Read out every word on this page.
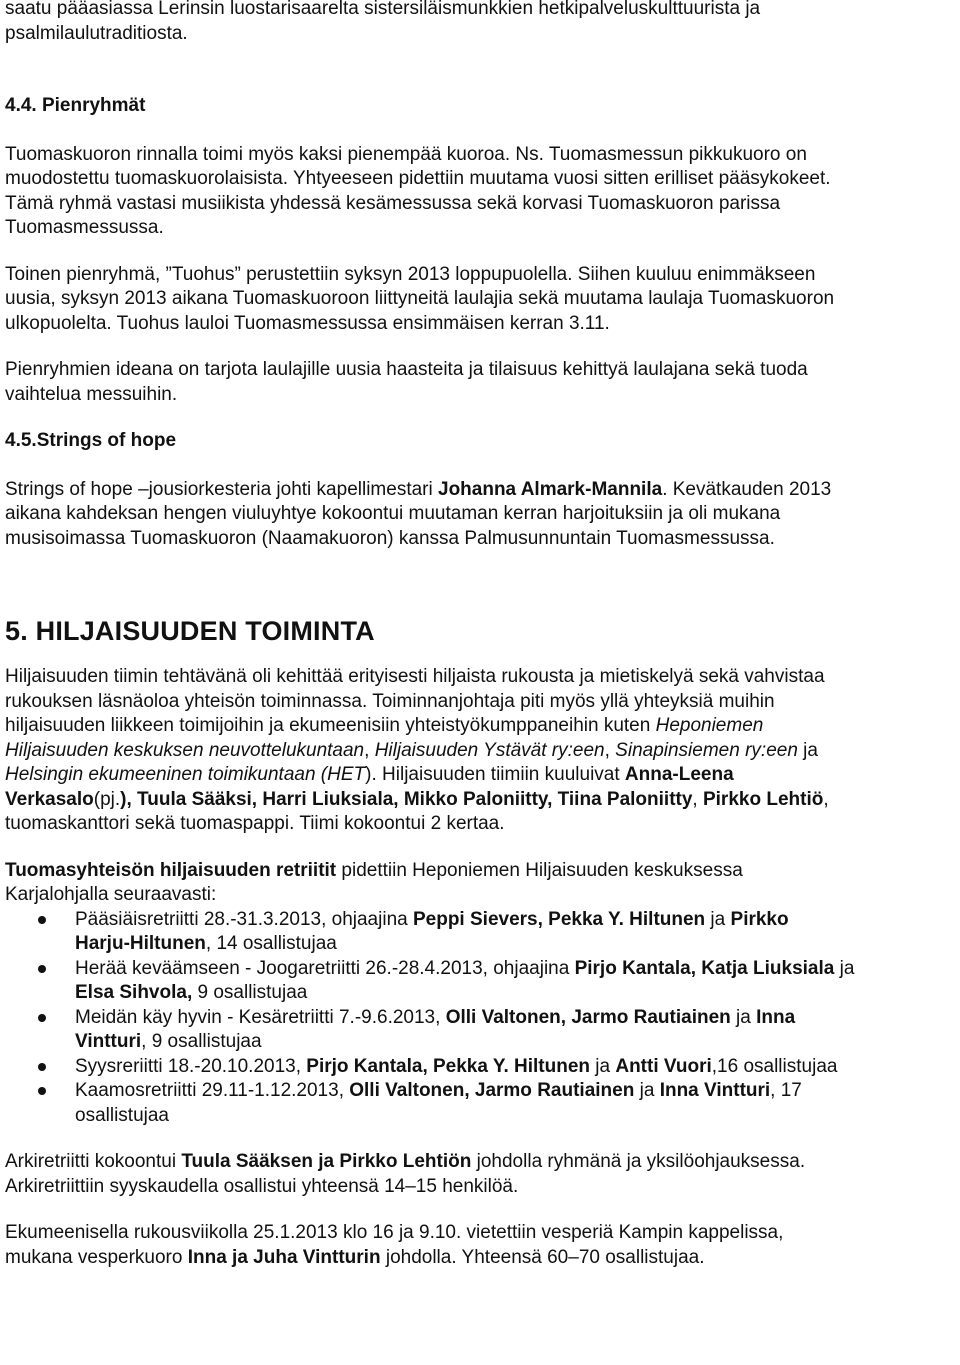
saatu pääasiassa Lerinsin luostarisaarelta sistersiläismunkkien hetkipalveluskulttuurista ja psalmilaulutraditiosta.

4.4. Pienryhmät

Tuomaskuoron rinnalla toimi myös kaksi pienempää kuoroa. Ns. Tuomasmessun pikkukuoro on
muodostettu tuomaskuorolaisista. Yhtyeeseen pidettiin muutama vuosi sitten erilliset pääsykokeet.
Tämä ryhmä vastasi musiikista yhdessä kesämessussa sekä korvasi Tuomaskuoron parissa
Tuomasmessussa.

Toinen pienryhmä, ”Tuohus” perustettiin syksyn 2013 loppupuolella. Siihen kuuluu enimmäkseen
uusia, syksyn 2013 aikana Tuomaskuoroon liittyneitä laulajia sekä muutama laulaja Tuomaskuoron
ulkopuolelta. Tuohus lauloi Tuomasmessussa ensimmäisen kerran 3.11.

Pienryhmien ideana on tarjota laulajille uusia haasteita ja tilaisuus kehittyä laulajana sekä tuoda
vaihtelua messuihin.

4.5.Strings of hope

Strings of hope –jousiorkesteria johti kapellimestari Johanna Almark-Mannila. Kevätkauden 2013
aikana kahdeksan hengen viuluyhtye kokoontui muutaman kerran harjoituksiin ja oli mukana
musisoimassa Tuomaskuoron (Naamakuoron) kanssa Palmusunnuntain Tuomasmessussa.

5. HILJAISUUDEN TOIMINTA

Hiljaisuuden tiimin tehtävänä oli kehittää erityisesti hiljaista rukousta ja mietiskelyä sekä vahvistaa
rukouksen läsnäoloa yhteisön toiminnassa. Toiminnanjohtaja piti myös yllä yhteyksiä muihin
hiljaisuuden liikkeen toimijoihin ja ekumeenisiin yhteistyökumppaneihin kuten Heponiemen
Hiljaisuuden keskuksen neuvottelukuntaan, Hiljaisuuden Ystävät ry:een, Sinapinsiemen ry:een ja
Helsingin ekumeeninen toimikuntaan (HET). Hiljaisuuden tiimiin kuuluivat Anna-Leena
Verkasalo(pj.), Tuula Sääksi, Harri Liuksiala, Mikko Paloniitty, Tiina Paloniitty, Pirkko Lehtiö,
tuomaskanttori sekä tuomaspappi. Tiimi kokoontui 2 kertaa.

Tuomasyhteisön hiljaisuuden retriitit pidettiin Heponiemen Hiljaisuuden keskuksessa
Karjalohjalla seuraavasti:

Pääsiäisretriitti 28.-31.3.2013, ohjaajina Peppi Sievers, Pekka Y. Hiltunen ja Pirkko
Harju-Hiltunen, 14 osallistujaa
Herää keväämseen - Joogaretriitti 26.-28.4.2013, ohjaajina Pirjo Kantala, Katja Liuksiala ja
Elsa Sihvola, 9 osallistujaa
Meidän käy hyvin - Kesäretriitti 7.-9.6.2013, Olli Valtonen, Jarmo Rautiainen ja Inna
Vintturi, 9 osallistujaa
Syysreriitti 18.-20.10.2013, Pirjo Kantala, Pekka Y. Hiltunen ja Antti Vuori,16 osallistujaa
Kaamosretriitti 29.11-1.12.2013, Olli Valtonen, Jarmo Rautiainen ja Inna Vintturi, 17
osallistujaa

Arkiretriitti kokoontui Tuula Sääksen ja Pirkko Lehtiön johdolla ryhmänä ja yksilöohjauksessa.
Arkiretriittiin syyskaudella osallistui yhteensä 14–15 henkilöä.

Ekumeenisella rukousviikolla 25.1.2013 klo 16 ja 9.10. vietettiin vesperiä Kampin kappelissa,
mukana vesperkuoro Inna ja Juha Vintturin johdolla. Yhteensä 60–70 osallistujaa.
